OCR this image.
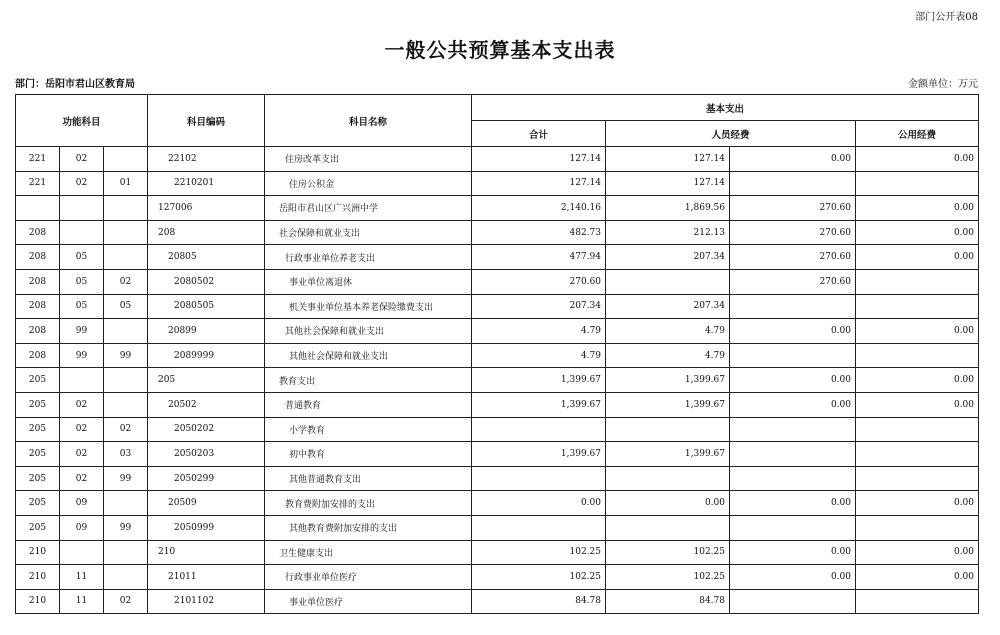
部门公开表08
一般公共预算基本支出表
部门：岳阳市君山区教育局	金额单位：万元
功能科目			科目编码	科目名称	基本支出			
					合计	人员经费		公用经费
221	02		22102	住房改革支出	127.14	127.14	0.00	0.00
221	02	01	2210201	住房公积金	127.14	127.14		
			127006	岳阳市君山区广兴洲中学	2,140.16	1,869.56	270.60	0.00
208			208	社会保障和就业支出	482.73	212.13	270.60	0.00
208	05		20805	行政事业单位养老支出	477.94	207.34	270.60	0.00
208	05	02	2080502	事业单位离退休	270.60		270.60	
208	05	05	2080505	机关事业单位基本养老保险缴费支出	207.34	207.34		
208	99		20899	其他社会保障和就业支出	4.79	4.79	0.00	0.00
208	99	99	2089999	其他社会保障和就业支出	4.79	4.79		
205			205	教育支出	1,399.67	1,399.67	0.00	0.00
205	02		20502	普通教育	1,399.67	1,399.67	0.00	0.00
205	02	02	2050202	小学教育				
205	02	03	2050203	初中教育	1,399.67	1,399.67		
205	02	99	2050299	其他普通教育支出				
205	09		20509	教育费附加安排的支出	0.00	0.00	0.00	0.00
205	09	99	2050999	其他教育费附加安排的支出				
210			210	卫生健康支出	102.25	102.25	0.00	0.00
210	11		21011	行政事业单位医疗	102.25	102.25	0.00	0.00
210	11	02	2101102	事业单位医疗	84.78	84.78		
